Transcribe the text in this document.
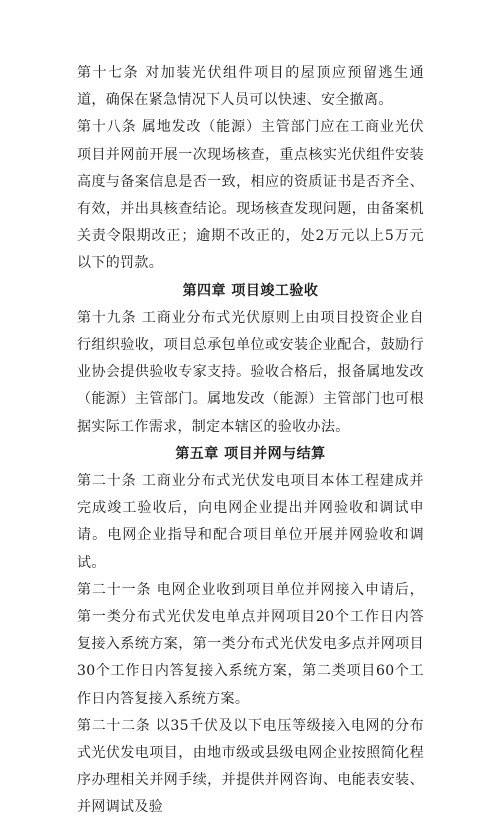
第十七条 对加装光伏组件项目的屋顶应预留逃生通道，确保在紧急情况下人员可以快速、安全撤离。

第十八条 属地发改（能源）主管部门应在工商业光伏项目并网前开展一次现场核查，重点核实光伏组件安装高度与备案信息是否一致，相应的资质证书是否齐全、有效，并出具核查结论。现场核查发现问题，由备案机关责令限期改正；逾期不改正的，处2万元以上5万元以下的罚款。

第四章 项目竣工验收

第十九条 工商业分布式光伏原则上由项目投资企业自行组织验收，项目总承包单位或安装企业配合，鼓励行业协会提供验收专家支持。验收合格后，报备属地发改（能源）主管部门。属地发改（能源）主管部门也可根据实际工作需求，制定本辖区的验收办法。

第五章 项目并网与结算

第二十条 工商业分布式光伏发电项目本体工程建成并完成竣工验收后，向电网企业提出并网验收和调试申请。电网企业指导和配合项目单位开展并网验收和调试。

第二十一条 电网企业收到项目单位并网接入申请后，第一类分布式光伏发电单点并网项目20个工作日内答复接入系统方案，第一类分布式光伏发电多点并网项目30个工作日内答复接入系统方案，第二类项目60个工作日内答复接入系统方案。

第二十二条 以35千伏及以下电压等级接入电网的分布式光伏发电项目，由地市级或县级电网企业按照简化程序办理相关并网手续，并提供并网咨询、电能表安装、并网调试及验
